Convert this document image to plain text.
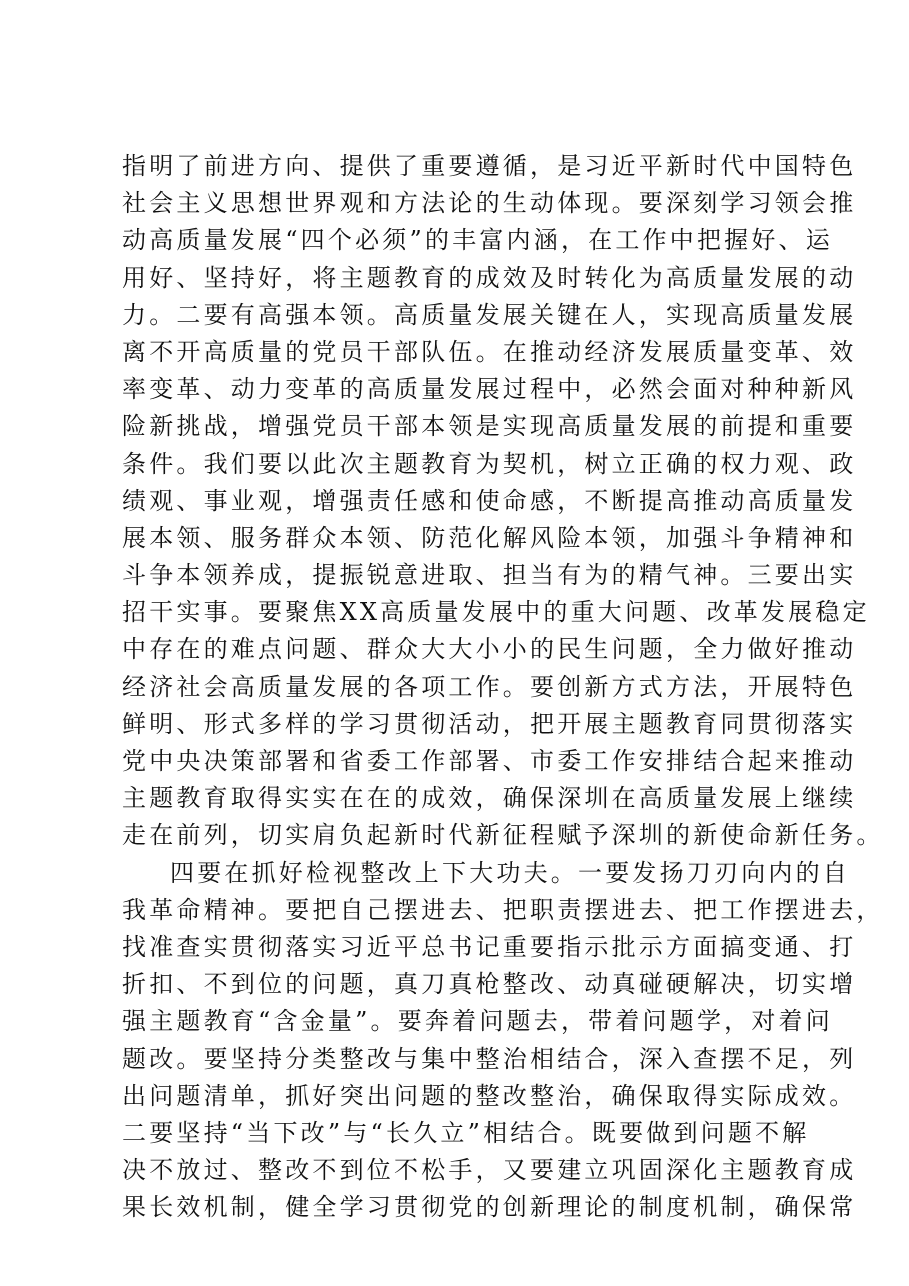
指明了前进方向、提供了重要遵循，是习近平新时代中国特色
社会主义思想世界观和方法论的生动体现。要深刻学习领会推
动高质量发展“四个必须”的丰富内涵，在工作中把握好、运
用好、坚持好，将主题教育的成效及时转化为高质量发展的动
力。二要有高强本领。高质量发展关键在人，实现高质量发展
离不开高质量的党员干部队伍。在推动经济发展质量变革、效
率变革、动力变革的高质量发展过程中，必然会面对种种新风
险新挑战，增强党员干部本领是实现高质量发展的前提和重要
条件。我们要以此次主题教育为契机，树立正确的权力观、政
绩观、事业观，增强责任感和使命感，不断提高推动高质量发
展本领、服务群众本领、防范化解风险本领，加强斗争精神和
斗争本领养成，提振锐意进取、担当有为的精气神。三要出实
招干实事。要聚焦XX高质量发展中的重大问题、改革发展稳定
中存在的难点问题、群众大大小小的民生问题，全力做好推动
经济社会高质量发展的各项工作。要创新方式方法，开展特色
鲜明、形式多样的学习贯彻活动，把开展主题教育同贯彻落实
党中央决策部署和省委工作部署、市委工作安排结合起来推动
主题教育取得实实在在的成效，确保深圳在高质量发展上继续
走在前列，切实肩负起新时代新征程赋予深圳的新使命新任务。
四要在抓好检视整改上下大功夫。一要发扬刀刃向内的自
我革命精神。要把自己摆进去、把职责摆进去、把工作摆进去，
找准查实贯彻落实习近平总书记重要指示批示方面搞变通、打
折扣、不到位的问题，真刀真枪整改、动真碰硬解决，切实增
强主题教育“含金量”。要奔着问题去，带着问题学，对着问
题改。要坚持分类整改与集中整治相结合，深入查摆不足，列
出问题清单，抓好突出问题的整改整治，确保取得实际成效。
二要坚持“当下改”与“长久立”相结合。既要做到问题不解
决不放过、整改不到位不松手，又要建立巩固深化主题教育成
果长效机制，健全学习贯彻党的创新理论的制度机制，确保常
